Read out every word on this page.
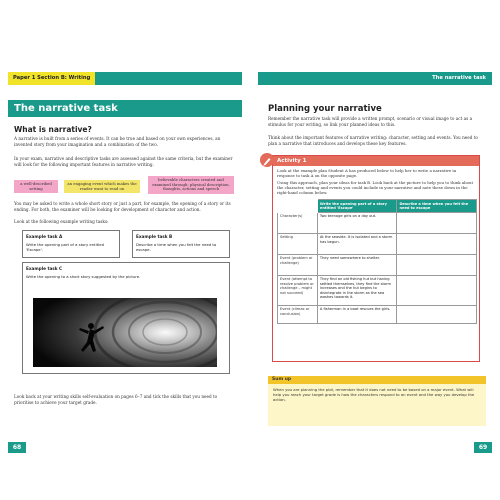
Paper 1 Section B: Writing
The narrative task
What is narrative?
A narrative is built from a series of events. It can be true and based on your own experiences, an invented story from your imagination and a combination of the two.
In your exam, narrative and descriptive tasks are assessed against the same criteria, but the examiner will look for the following important features in narrative writing.
a well-described setting
an engaging event which makes the reader want to read on
believable characters created and examined through: physical description, thoughts, actions and speech
You may be asked to write a whole short story or just a part, for example, the opening of a story or its ending. For both, the examiner will be looking for development of character and action.
Look at the following example writing tasks:
Example task A
Write the opening part of a story entitled 'Escape'.
Example task B
Describe a time when you felt the need to escape.
Example task C
Write the opening to a short story suggested by the picture.
Look back at your writing skills self-evaluation on pages 6–7 and tick the skills that you need to prioritise to achieve your target grade.
68
The narrative task
Planning your narrative
Remember the narrative task will provide a written prompt, scenario or visual image to act as a stimulus for your writing, so link your planned ideas to this.
Think about the important features of narrative writing: character, setting and events. You need to plan a narrative that introduces and develops these key features.
Activity 1
Look at the example plan Student A has produced below to help her to write a narrative in response to task A on the opposite page.
Using this approach, plan your ideas for task B. Look back at the picture to help you to think about the character, setting and events you could include in your narrative and note these down in the right-hand column below.
	Write the opening part of a story entitled 'Escape'	Describe a time when you felt the need to escape
Character(s)	Two teenage girls on a day out.	
Setting	At the seaside. It is isolated and a storm has begun.	
Event (problem or challenge)	They need somewhere to shelter.	
Event (attempt to resolve problem or challenge – might not succeed)	They find an old fishing hut but having settled themselves, they find the storm increases and the hut begins to disintegrate in the storm as the sea washes towards it.	
Event (climax or conclusion)	A fisherman in a boat rescues the girls.	
Sum up
When you are planning the plot, remember that it does not need to be based on a major event. What will help you reach your target grade is how the characters respond to an event and the way you develop the action.
69
